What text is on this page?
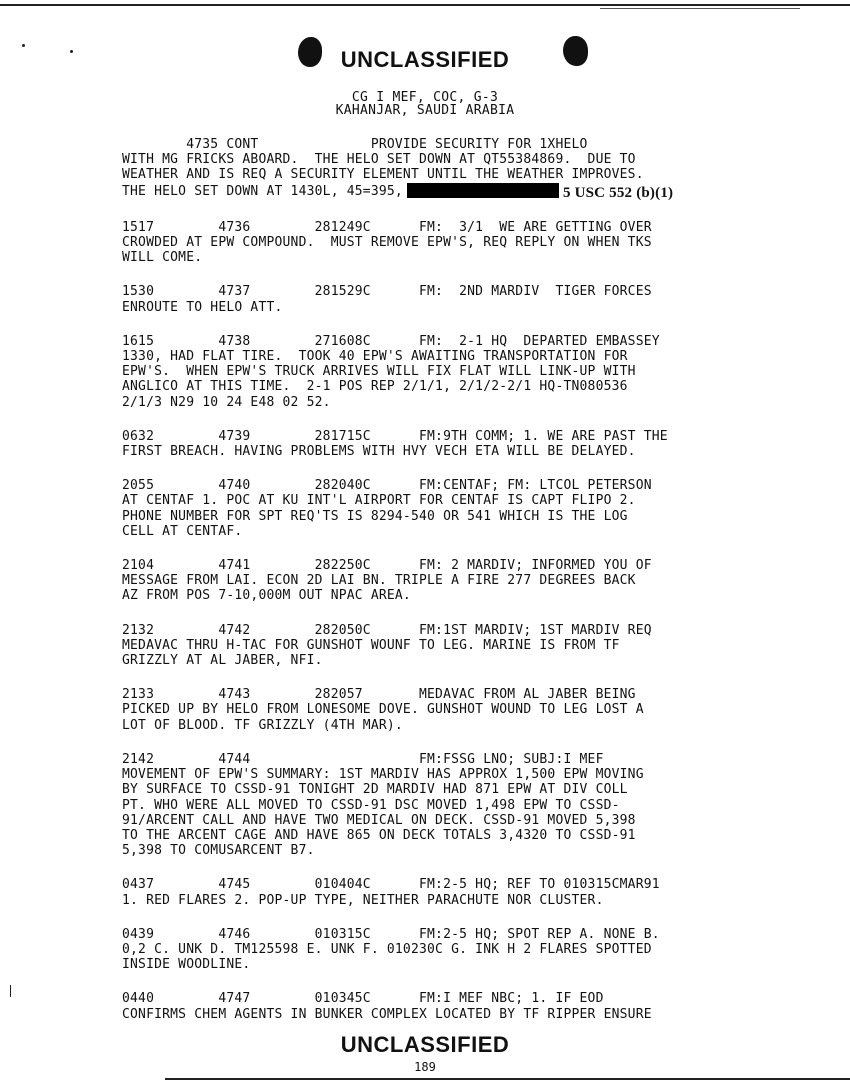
UNCLASSIFIED
CG I MEF, COC, G-3
KAHANJAR, SAUDI ARABIA
4735 CONT              PROVIDE SECURITY FOR 1XHELO
WITH MG FRICKS ABOARD.  THE HELO SET DOWN AT QT55384869.  DUE TO
WEATHER AND IS REQ A SECURITY ELEMENT UNTIL THE WEATHER IMPROVES.
THE HELO SET DOWN AT 1430L, 45=395,	5 USC 552 (b)(1)
1517        4736        281249C      FM:  3/1  WE ARE GETTING OVER
CROWDED AT EPW COMPOUND.  MUST REMOVE EPW'S, REQ REPLY ON WHEN TKS
WILL COME.
1530        4737        281529C      FM:  2ND MARDIV  TIGER FORCES
ENROUTE TO HELO ATT.
1615        4738        271608C      FM:  2-1 HQ  DEPARTED EMBASSEY
1330, HAD FLAT TIRE.  TOOK 40 EPW'S AWAITING TRANSPORTATION FOR
EPW'S.  WHEN EPW'S TRUCK ARRIVES WILL FIX FLAT WILL LINK-UP WITH
ANGLICO AT THIS TIME.  2-1 POS REP 2/1/1, 2/1/2-2/1 HQ-TN080536
2/1/3 N29 10 24 E48 02 52.
0632        4739        281715C      FM:9TH COMM; 1. WE ARE PAST THE
FIRST BREACH. HAVING PROBLEMS WITH HVY VECH ETA WILL BE DELAYED.
2055        4740        282040C      FM:CENTAF; FM: LTCOL PETERSON
AT CENTAF 1. POC AT KU INT'L AIRPORT FOR CENTAF IS CAPT FLIPO 2.
PHONE NUMBER FOR SPT REQ'TS IS 8294-540 OR 541 WHICH IS THE LOG
CELL AT CENTAF.
2104        4741        282250C      FM: 2 MARDIV; INFORMED YOU OF
MESSAGE FROM LAI. ECON 2D LAI BN. TRIPLE A FIRE 277 DEGREES BACK
AZ FROM POS 7-10,000M OUT NPAC AREA.
2132        4742        282050C      FM:1ST MARDIV; 1ST MARDIV REQ
MEDAVAC THRU H-TAC FOR GUNSHOT WOUNF TO LEG. MARINE IS FROM TF
GRIZZLY AT AL JABER, NFI.
2133        4743        282057       MEDAVAC FROM AL JABER BEING
PICKED UP BY HELO FROM LONESOME DOVE. GUNSHOT WOUND TO LEG LOST A
LOT OF BLOOD. TF GRIZZLY (4TH MAR).
2142        4744                     FM:FSSG LNO; SUBJ:I MEF
MOVEMENT OF EPW'S SUMMARY: 1ST MARDIV HAS APPROX 1,500 EPW MOVING
BY SURFACE TO CSSD-91 TONIGHT 2D MARDIV HAD 871 EPW AT DIV COLL
PT. WHO WERE ALL MOVED TO CSSD-91 DSC MOVED 1,498 EPW TO CSSD-
91/ARCENT CALL AND HAVE TWO MEDICAL ON DECK. CSSD-91 MOVED 5,398
TO THE ARCENT CAGE AND HAVE 865 ON DECK TOTALS 3,4320 TO CSSD-91
5,398 TO COMUSARCENT B7.
0437        4745        010404C      FM:2-5 HQ; REF TO 010315CMAR91
1. RED FLARES 2. POP-UP TYPE, NEITHER PARACHUTE NOR CLUSTER.
0439        4746        010315C      FM:2-5 HQ; SPOT REP A. NONE B.
0,2 C. UNK D. TM125598 E. UNK F. 010230C G. INK H 2 FLARES SPOTTED
INSIDE WOODLINE.
0440        4747        010345C      FM:I MEF NBC; 1. IF EOD
CONFIRMS CHEM AGENTS IN BUNKER COMPLEX LOCATED BY TF RIPPER ENSURE
UNCLASSIFIED
189
